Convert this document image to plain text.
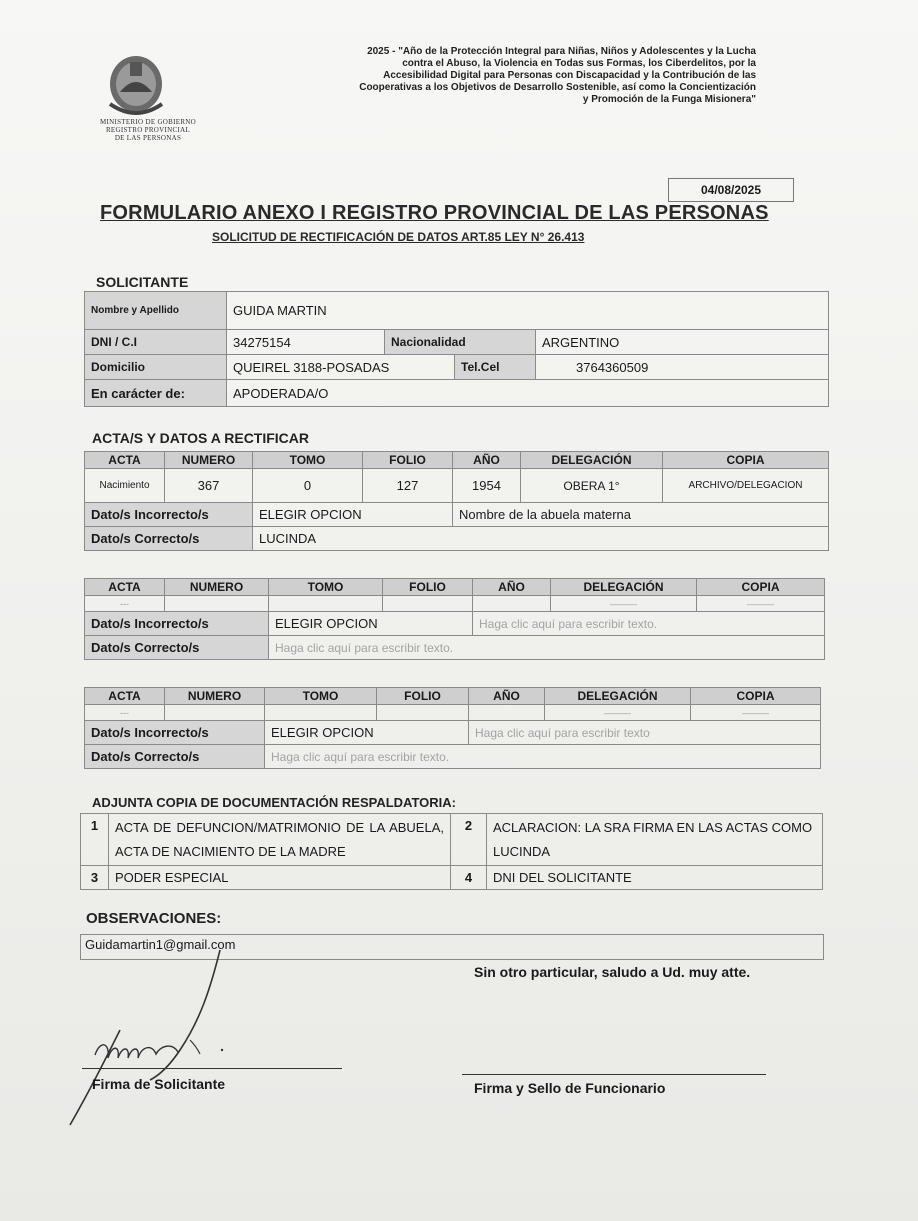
MINISTERIO DE GOBIERNO
REGISTRO PROVINCIAL
DE LAS PERSONAS
2025 - "Año de la Protección Integral para Niñas, Niños y Adolescentes y la Lucha contra el Abuso, la Violencia en Todas sus Formas, los Ciberdelitos, por la Accesibilidad Digital para Personas con Discapacidad y la Contribución de las Cooperativas a los Objetivos de Desarrollo Sostenible, así como la Concientización y Promoción de la Funga Misionera"
04/08/2025
FORMULARIO ANEXO I REGISTRO PROVINCIAL DE LAS PERSONAS
SOLICITUD DE RECTIFICACIÓN DE DATOS ART.85 LEY N° 26.413
SOLICITANTE
Nombre y Apellido	GUIDA MARTIN			
DNI / C.I	34275154	Nacionalidad		ARGENTINO
Domicilio	QUEIREL 3188-POSADAS		Tel.Cel	3764360509
En carácter de:	APODERADA/O			
ACTA/S Y DATOS A RECTIFICAR
ACTA	NUMERO	TOMO	FOLIO	AÑO	DELEGACIÓN	COPIA
Nacimiento	367	0	127	1954	OBERA 1°	ARCHIVO/DELEGACION
Dato/s Incorrecto/s		ELEGIR OPCION		Nombre de la abuela materna		
Dato/s Correcto/s		LUCINDA				
ACTA	NUMERO	TOMO	FOLIO	AÑO	DELEGACIÓN	COPIA
---					———	———
Dato/s Incorrecto/s		ELEGIR OPCION		Haga clic aquí para escribir texto.		
Dato/s Correcto/s		Haga clic aquí para escribir texto.				
ACTA	NUMERO	TOMO	FOLIO	AÑO	DELEGACIÓN	COPIA
---					———	———
Dato/s Incorrecto/s		ELEGIR OPCION		Haga clic aquí para escribir texto		
Dato/s Correcto/s		Haga clic aquí para escribir texto.				
ADJUNTA COPIA DE DOCUMENTACIÓN RESPALDATORIA:
1	ACTA DE DEFUNCION/MATRIMONIO DE LA ABUELA, ACTA DE NACIMIENTO DE LA MADRE	2	ACLARACION: LA SRA FIRMA EN LAS ACTAS COMO LUCINDA
3	PODER ESPECIAL	4	DNI DEL SOLICITANTE
OBSERVACIONES:
Guidamartin1@gmail.com
Sin otro particular, saludo a Ud. muy atte.
Firma de Solicitante	Firma y Sello de Funcionario
